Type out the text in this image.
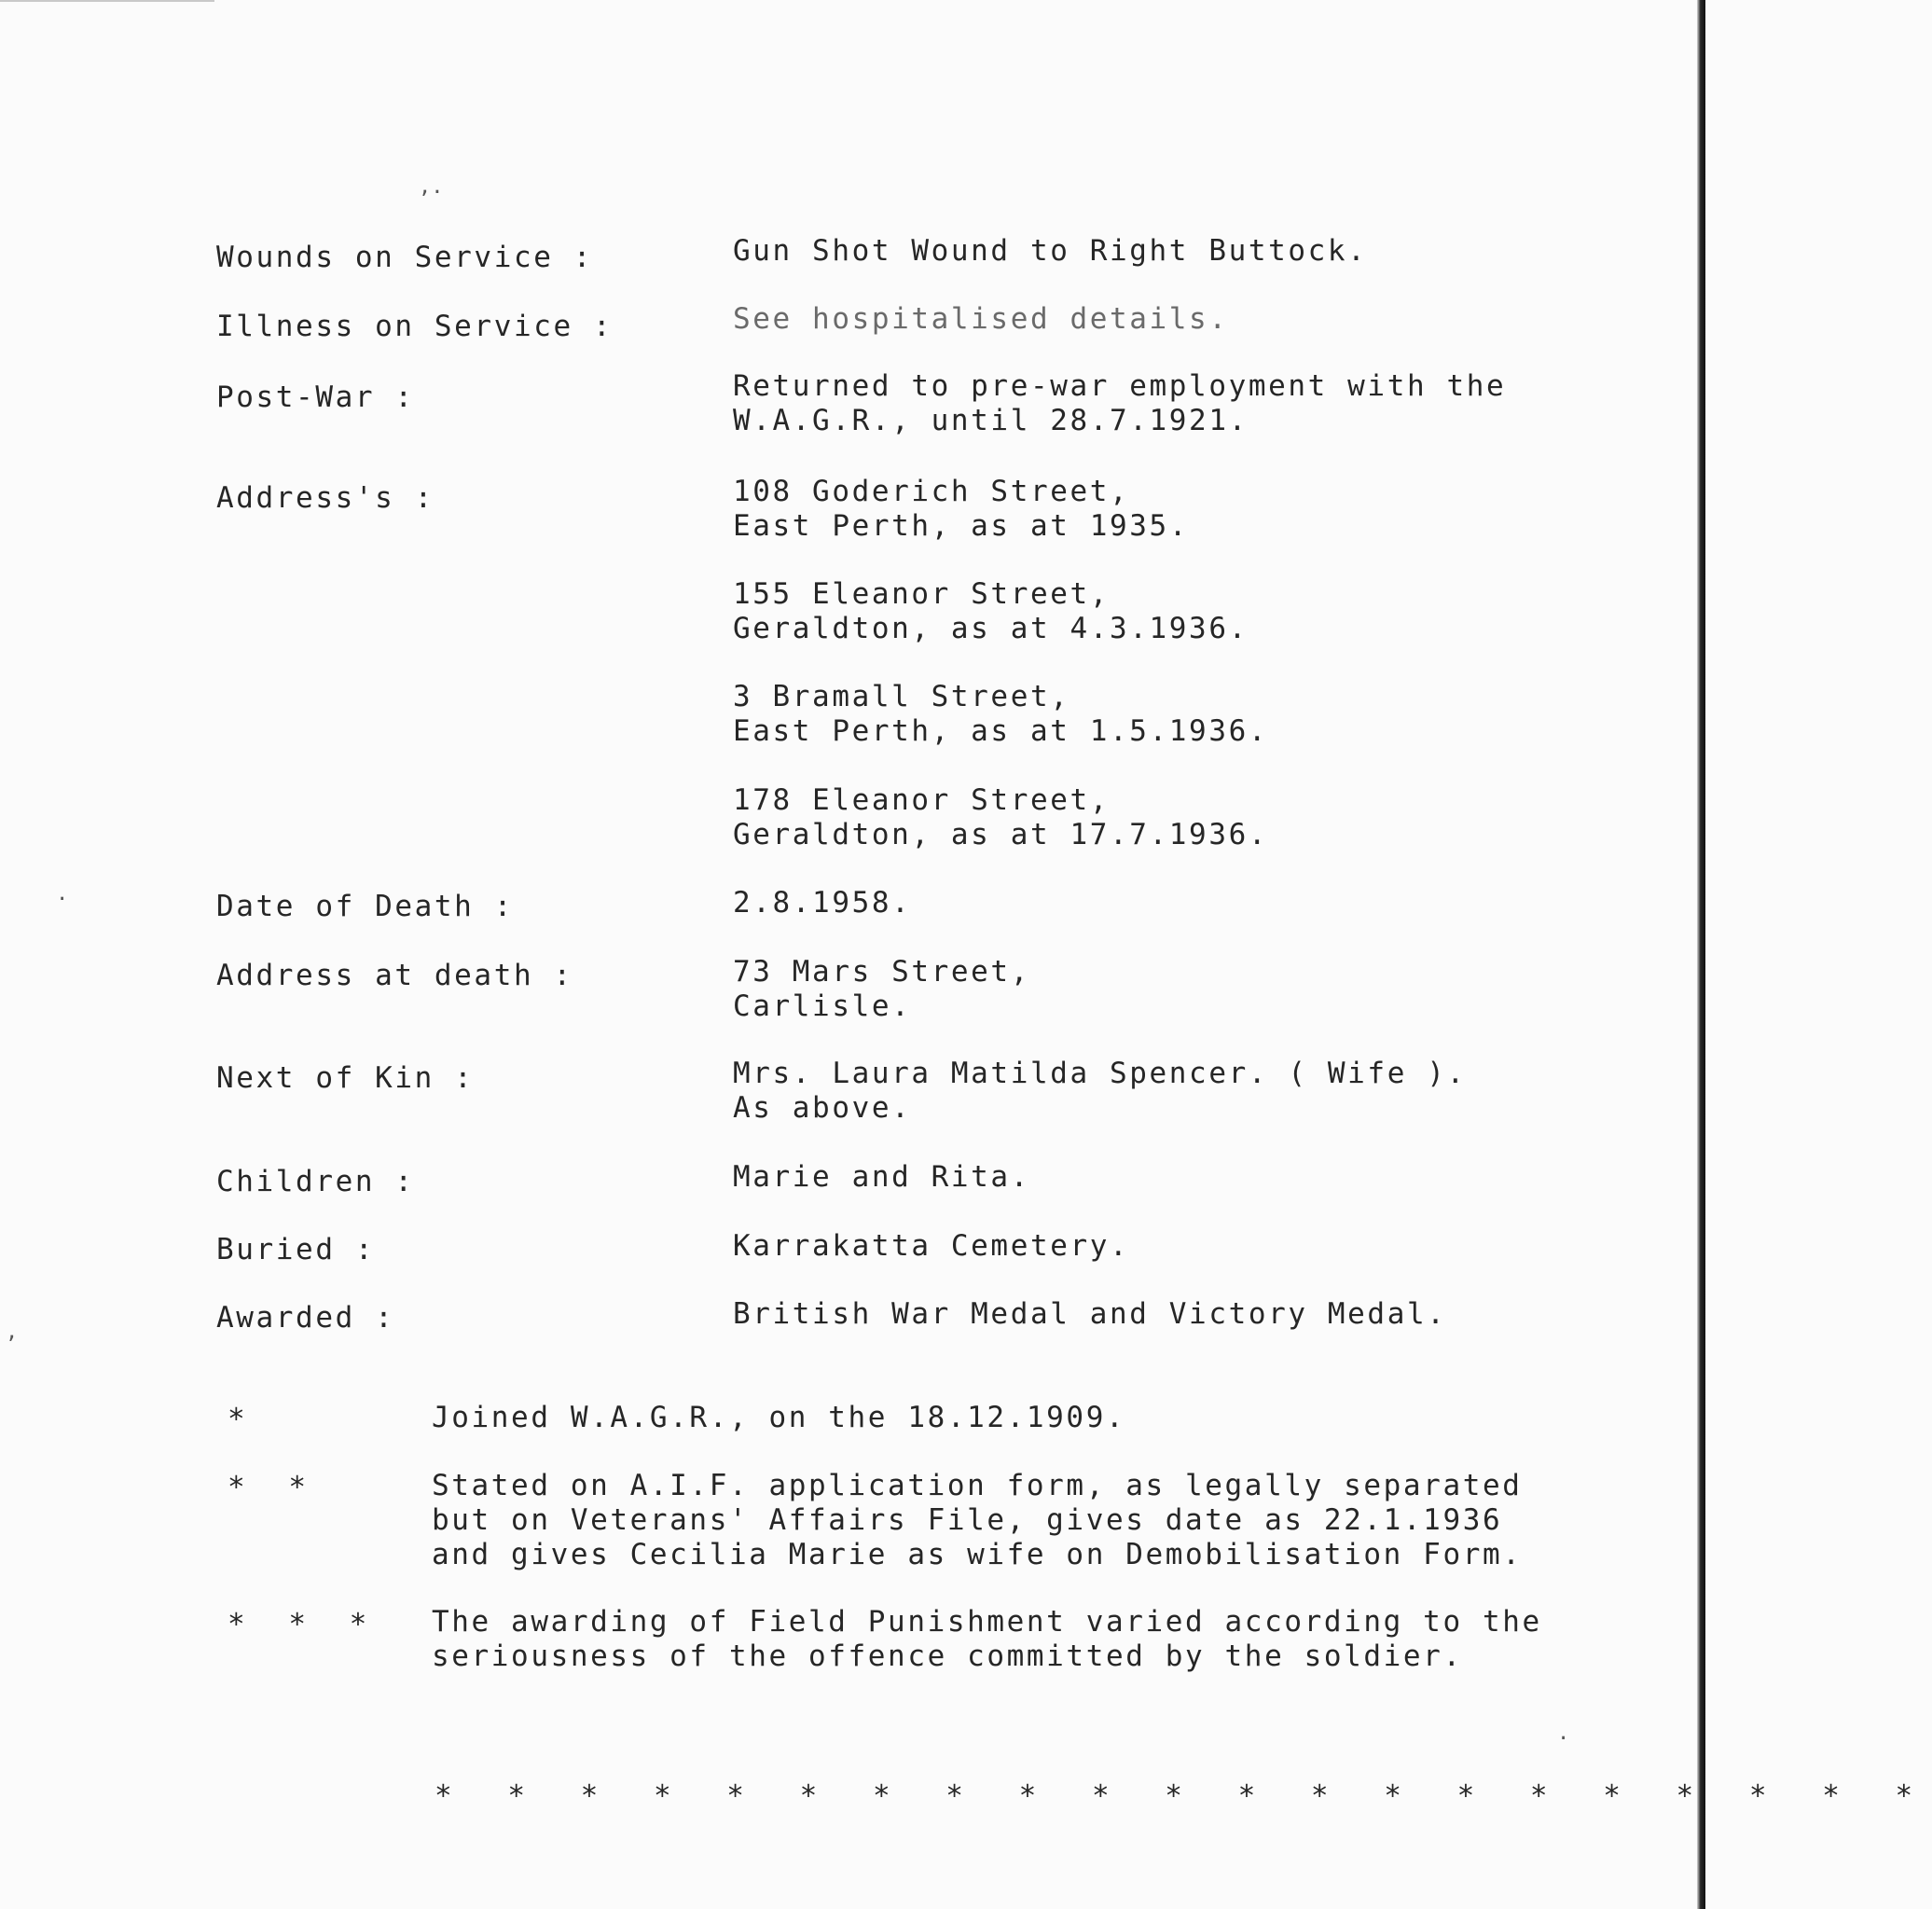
,.
.
,
.
Wounds on Service :	Gun Shot Wound to Right Buttock.
Illness on Service :	See hospitalised details.
Post-War :	Returned to pre-war employment with the
W.A.G.R., until 28.7.1921.
Address's :	108 Goderich Street,
East Perth, as at 1935.
155 Eleanor Street,
Geraldton, as at 4.3.1936.
3 Bramall Street,
East Perth, as at 1.5.1936.
178 Eleanor Street,
Geraldton, as at 17.7.1936.
Date of Death :	2.8.1958.
Address at death :	73 Mars Street,
Carlisle.
Next of Kin :	Mrs. Laura Matilda Spencer. ( Wife ).
As above.
Children :	Marie and Rita.
Buried :	Karrakatta Cemetery.
Awarded :	British War Medal and Victory Medal.
*	Joined W.A.G.R., on the 18.12.1909.
* *	Stated on A.I.F. application form, as legally separated
but on Veterans' Affairs File, gives date as 22.1.1936
and gives Cecilia Marie as wife on Demobilisation Form.
* * * The awarding of Field Punishment varied according to the
seriousness of the offence committed by the soldier.
* * * * * * * * * * * * * * * * * * * * *
